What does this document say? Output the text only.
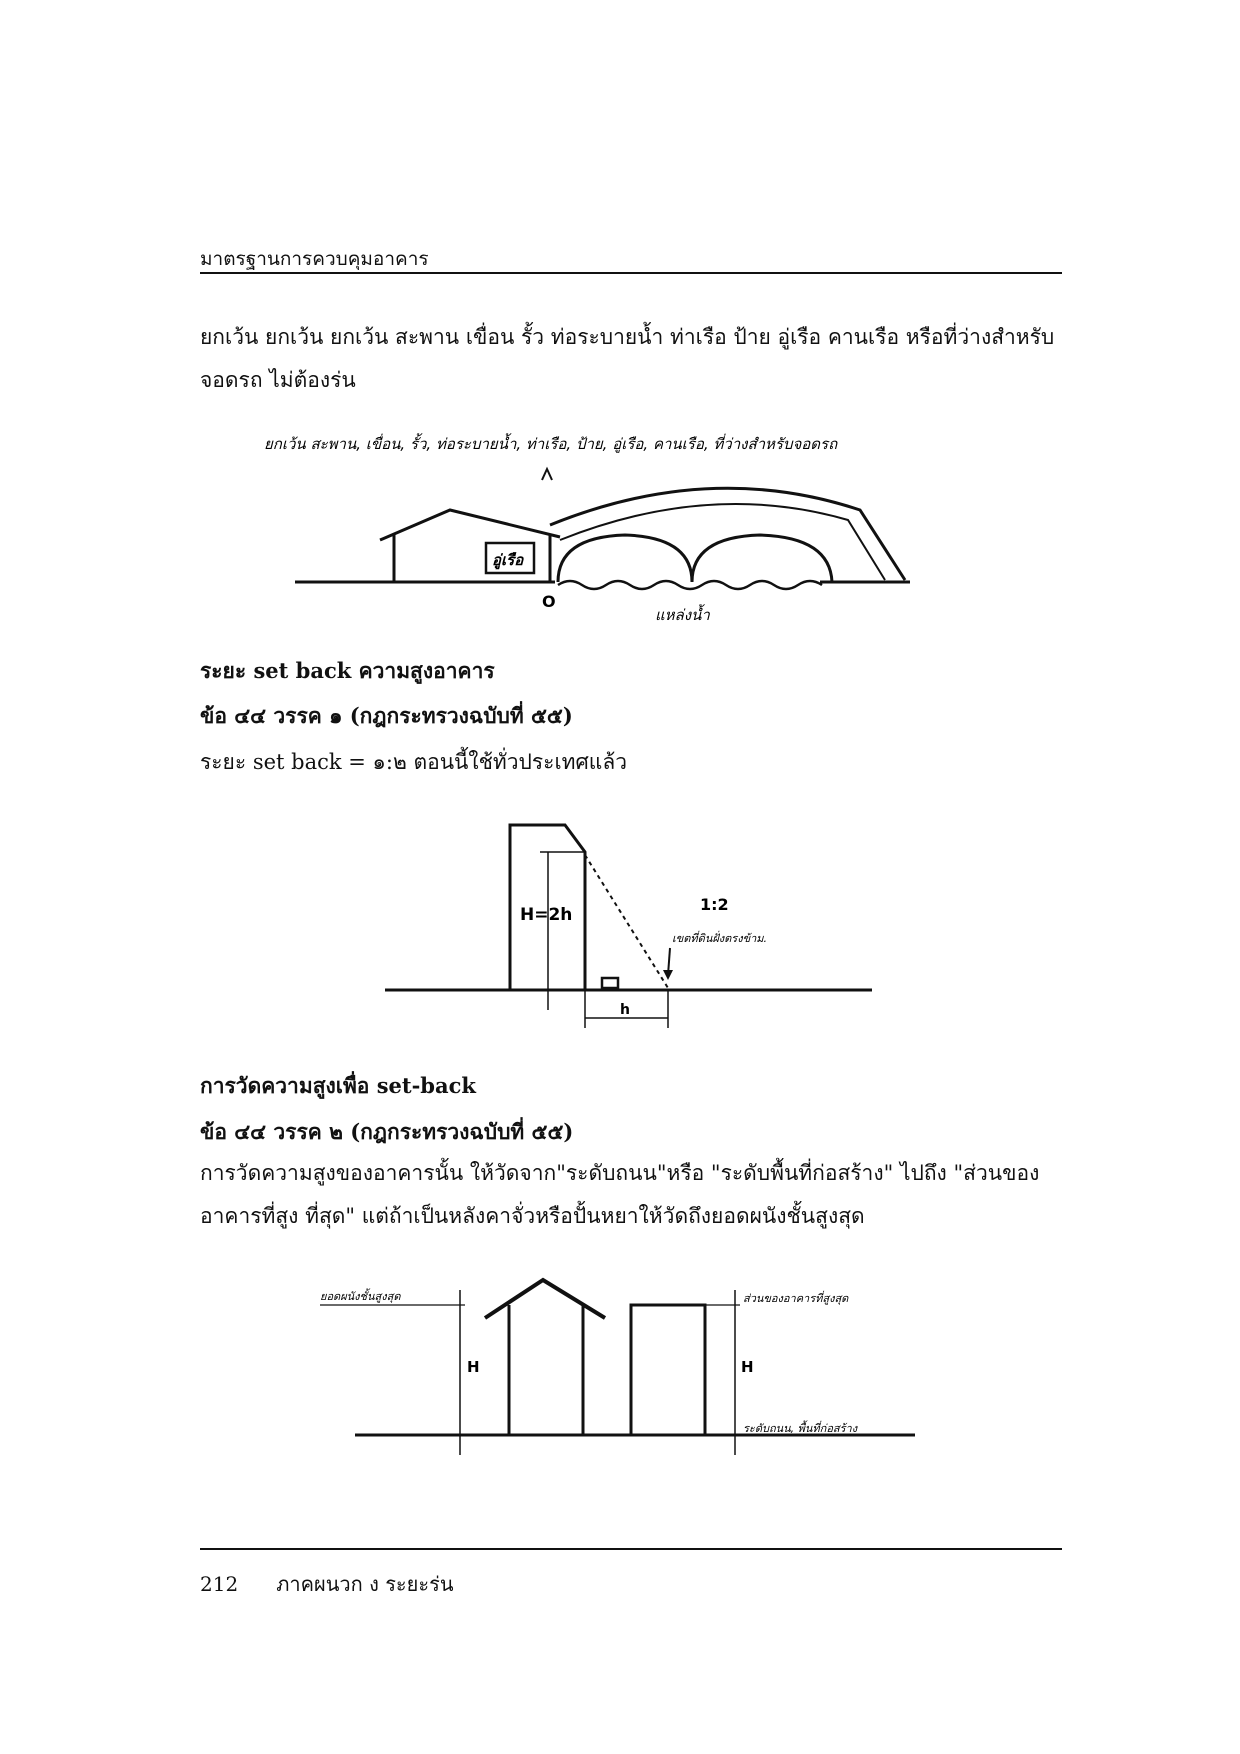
มาตรฐานการควบคุมอาคาร
ยกเว้น ยกเว้น ยกเว้น สะพาน เขื่อน รั้ว ท่อระบายน้ำ ท่าเรือ ป้าย อู่เรือ คานเรือ หรือที่ว่างสำหรับ
จอดรถ ไม่ต้องร่น
ยกเว้น สะพาน, เขื่อน, รั้ว, ท่อระบายน้ำ, ท่าเรือ, ป้าย, อู่เรือ, คานเรือ, ที่ว่างสำหรับจอดรถ
อู่เรือ
O
แหล่งน้ำ
ระยะ set back ความสูงอาคาร
ข้อ ๔๔ วรรค ๑ (กฎกระทรวงฉบับที่ ๕๕)
ระยะ set back = ๑:๒ ตอนนี้ใช้ทั่วประเทศแล้ว
H=2h
1:2
เขตที่ดินฝั่งตรงข้าม.
h
การวัดความสูงเพื่อ set-back
ข้อ ๔๔ วรรค ๒ (กฎกระทรวงฉบับที่ ๕๕)
การวัดความสูงของอาคารนั้น ให้วัดจาก"ระดับถนน"หรือ "ระดับพื้นที่ก่อสร้าง" ไปถึง "ส่วนของ
อาคารที่สูง ที่สุด" แต่ถ้าเป็นหลังคาจั่วหรือปั้นหยาให้วัดถึงยอดผนังชั้นสูงสุด
ยอดผนังชั้นสูงสุด
H
ส่วนของอาคารที่สูงสุด
H
ระดับถนน, พื้นที่ก่อสร้าง
212 ภาคผนวก ง ระยะร่น
